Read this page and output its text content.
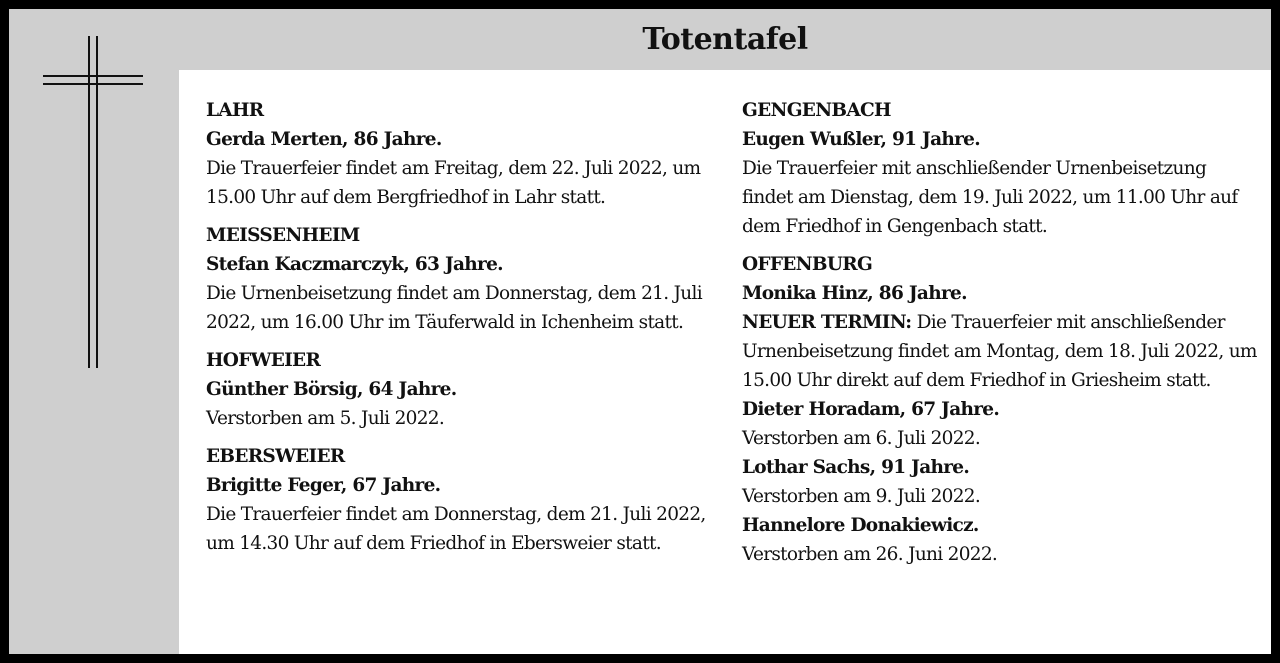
Totentafel
LAHR
Gerda Merten, 86 Jahre.
Die Trauerfeier findet am Freitag, dem 22. Juli 2022, um 15.00 Uhr auf dem Bergfriedhof in Lahr statt.
MEISSENHEIM
Stefan Kaczmarczyk, 63 Jahre.
Die Urnenbeisetzung findet am Donnerstag, dem 21. Juli 2022, um 16.00 Uhr im Täuferwald in Ichenheim statt.
HOFWEIER
Günther Börsig, 64 Jahre.
Verstorben am 5. Juli 2022.
EBERSWEIER
Brigitte Feger, 67 Jahre.
Die Trauerfeier findet am Donnerstag, dem 21. Juli 2022, um 14.30 Uhr auf dem Friedhof in Ebersweier statt.
GENGENBACH
Eugen Wußler, 91 Jahre.
Die Trauerfeier mit anschließender Urnenbeisetzung findet am Dienstag, dem 19. Juli 2022, um 11.00 Uhr auf dem Friedhof in Gengenbach statt.
OFFENBURG
Monika Hinz, 86 Jahre.
NEUER TERMIN: Die Trauerfeier mit anschließender Urnenbeisetzung findet am Montag, dem 18. Juli 2022, um 15.00 Uhr direkt auf dem Friedhof in Griesheim statt.
Dieter Horadam, 67 Jahre.
Verstorben am 6. Juli 2022.
Lothar Sachs, 91 Jahre.
Verstorben am 9. Juli 2022.
Hannelore Donakiewicz.
Verstorben am 26. Juni 2022.
